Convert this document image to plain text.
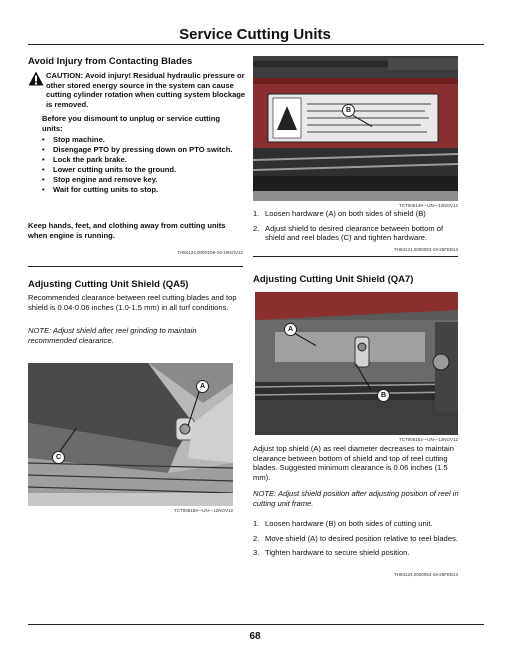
Service Cutting Units
Avoid Injury from Contacting Blades
CAUTION: Avoid injury! Residual hydraulic pressure or other stored energy source in the system can cause cutting cylinder rotation when cutting system blockage is removed.
Before you dismount to unplug or service cutting units:
• Stop machine.
• Disengage PTO by pressing down on PTO switch.
• Lock the park brake.
• Lower cutting units to the ground.
• Stop engine and remove key.
• Wait for cutting units to stop.
Keep hands, feet, and clothing away from cutting units when engine is running.
TH84124,00001D9-19-19NOV12
B
TCT006149—UN—12NOV12
1. Loosen hardware (A) on both sides of shield (B)
2. Adjust shield to desired clearance between bottom of shield and reel blades (C) and tighten hardware.
TH84124,0000053-19-25FEB13
Adjusting Cutting Unit Shield (QA5)
Recommended clearance between reel cutting blades and top shield is 0.04-0.06 inches (1.0-1.5 mm) in all turf conditions.
NOTE: Adjust shield after reel grinding to maintain recommended clearance.
A
C
TCT006150—UN—12NOV12
Adjusting Cutting Unit Shield (QA7)
A
B
TCT006151—UN—12NOV12
Adjust top shield (A) as reel diameter decreases to maintain clearance between bottom of shield and top of reel cutting blades. Suggested minimum clearance is 0.06 inches (1.5 mm).
NOTE: Adjust shield position after adjusting position of reel in cutting unit frame.
1. Loosen hardware (B) on both sides of cutting unit.
2. Move shield (A) to desired position relative to reel blades.
3. Tighten hardware to secure shield position.
TH84124,0000054-19-25FEB13
68
